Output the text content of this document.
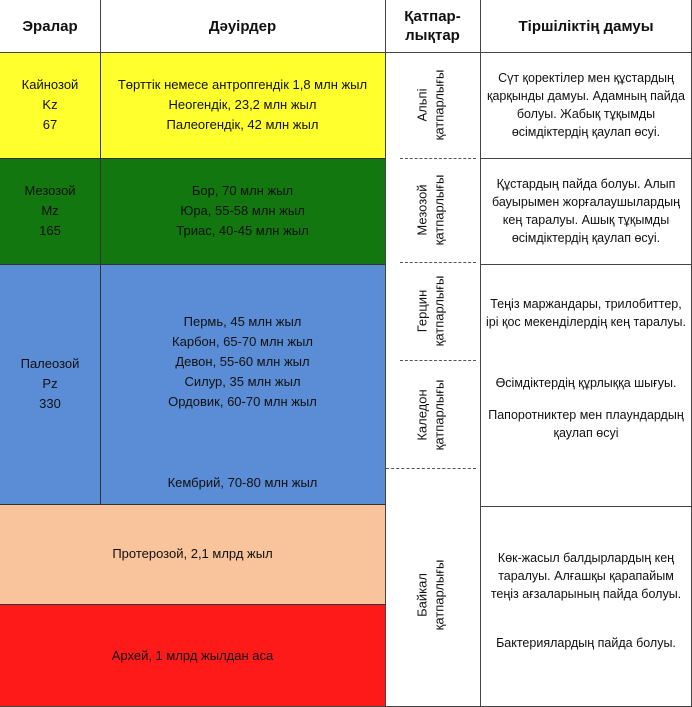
Эралар	Дәуірдер
Қатпар-
лықтар
Тіршіліктің дамуы
Кайнозой
Kz
67
Төрттік немесе антропгендік 1,8 млн жыл
Неогендік, 23,2 млн жыл
Палеогендік, 42 млн жыл
Мезозой
Mz
165
Бор, 70 млн жыл
Юра, 55-58 млн жыл
Триас, 40-45 млн жыл
Палеозой
Pz
330
Пермь, 45 млн жыл
Карбон, 65-70 млн жыл
Девон, 55-60 млн жыл
Силур, 35 млн жыл
Ордовик, 60-70 млн жыл
Кембрий, 70-80 млн жыл
Протерозой, 2,1 млрд жыл
Архей, 1 млрд жылдан аса
Альпі
қатпарлығы
Мезозой
қатпарлығы
Герцин
қатпарлығы
Каледон
қатпарлығы
Байкал
қатпарлығы

Сүт қоректілер мен құстардың қарқынды дамуы. Адамның пайда болуы. Жабық тұқымды өсімдіктердің қаулап өсуі.

Құстардың пайда болуы. Алып бауырымен жорғалаушылардың кең таралуы. Ашық тұқымды өсімдіктердің қаулап өсуі.

Теңіз маржандары, трилобиттер, ірі қос мекенділердің кең таралуы.

Өсімдіктердің құрлыққа шығуы.

Папоротниктер мен плаундардың қаулап өсуі

Көк-жасыл балдырлардың кең таралуы. Алғашқы қарапайым теңіз ағзаларының пайда болуы.

Бактериялардың пайда болуы.
